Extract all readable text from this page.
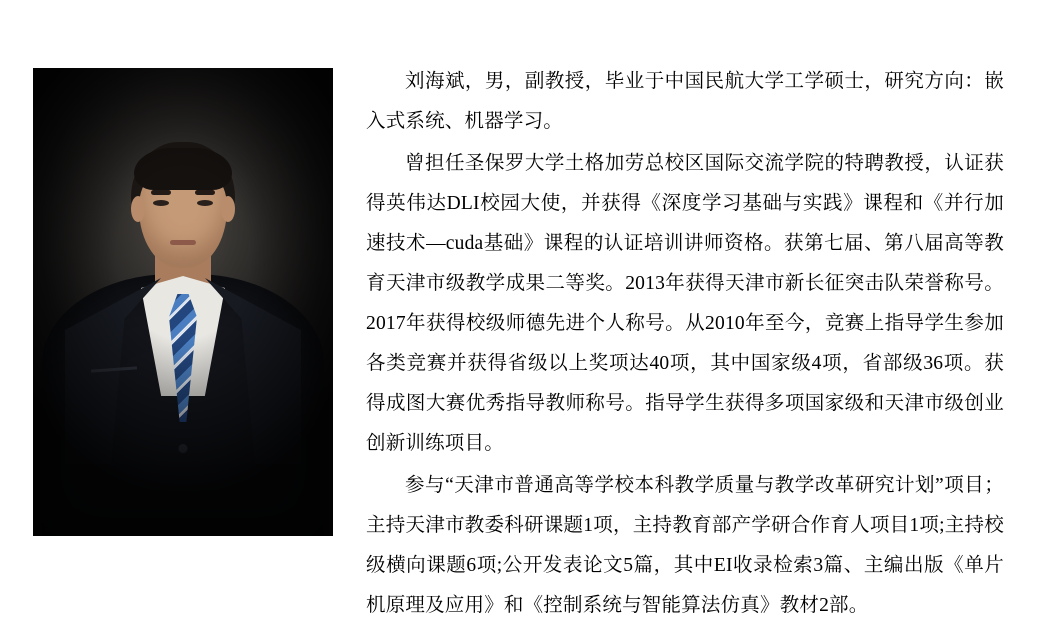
刘海斌，男，副教授，毕业于中国民航大学工学硕士，研究方向：嵌入式系统、机器学习。

曾担任圣保罗大学土格加劳总校区国际交流学院的特聘教授，认证获得英伟达DLI校园大使，并获得《深度学习基础与实践》课程和《并行加速技术—cuda基础》课程的认证培训讲师资格。获第七届、第八届高等教育天津市级教学成果二等奖。2013年获得天津市新长征突击队荣誉称号。2017年获得校级师德先进个人称号。从2010年至今，竞赛上指导学生参加各类竞赛并获得省级以上奖项达40项，其中国家级4项，省部级36项。获得成图大赛优秀指导教师称号。指导学生获得多项国家级和天津市级创业创新训练项目。

参与“天津市普通高等学校本科教学质量与教学改革研究计划”项目； 主持天津市教委科研课题1项，主持教育部产学研合作育人项目1项;主持校级横向课题6项;公开发表论文5篇，其中EI收录检索3篇、主编出版《单片机原理及应用》和《控制系统与智能算法仿真》教材2部。
